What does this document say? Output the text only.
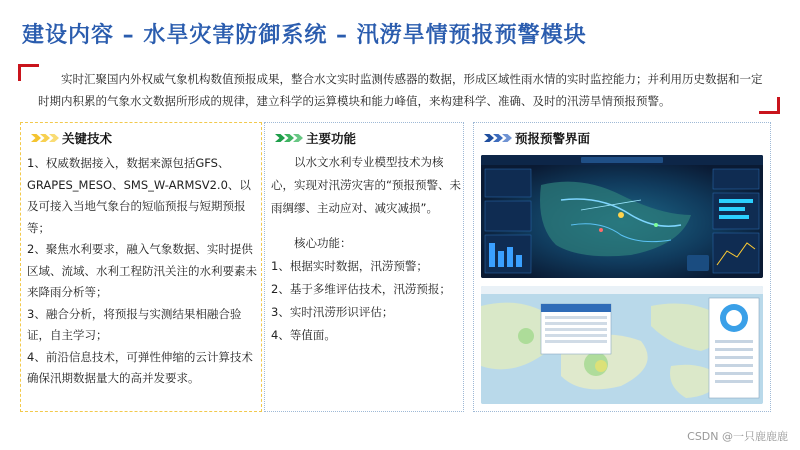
建设内容 – 水旱灾害防御系统 – 汛涝旱情预报预警模块
实时汇聚国内外权威气象机构数值预报成果，整合水文实时监测传感器的数据，形成区域性雨水情的实时监控能力；并利用历史数据和一定时期内积累的气象水文数据所形成的规律，建立科学的运算模块和能力峰值，来构建科学、准确、及时的汛涝旱情预报预警。
关键技术

1、权威数据接入，数据来源包括GFS、GRAPES_MESO、SMS_W-ARMSV2.0、以及可接入当地气象台的短临预报与短期预报等；

2、聚焦水利要求，融入气象数据、实时提供区域、流域、水利工程防汛关注的水利要素未来降雨分析等；

3、融合分析，将预报与实测结果相融合验证，自主学习；

4、前沿信息技术，可弹性伸缩的云计算技术确保汛期数据量大的高并发要求。

主要功能

以水文水利专业模型技术为核心，实现对汛涝灾害的“预报预警、未雨绸缪、主动应对、减灾减损”。

核心功能：

1、根据实时数据，汛涝预警；
2、基于多维评估技术，汛涝预报；
3、实时汛涝形识评估；
4、等值面。
预报预警界面
CSDN @一只鹿鹿鹿
